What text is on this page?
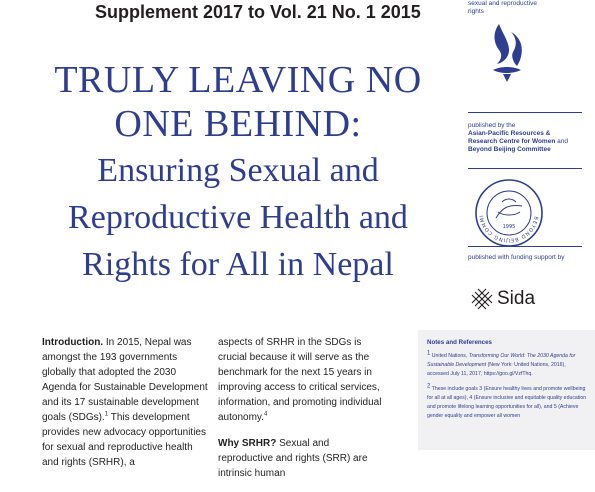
Supplement 2017 to Vol. 21 No. 1 2015
TRULY LEAVING NO
ONE BEHIND:
Ensuring Sexual and
Reproductive Health and
Rights for All in Nepal

Introduction. In 2015, Nepal was amongst the 193 governments globally that adopted the 2030 Agenda for Sustainable Development and its 17 sustainable development goals (SDGs).$^1$ This development provides new advocacy opportunities for sexual and reproductive health and rights (SRHR), a

aspects of SRHR in the SDGs is crucial because it will serve as the benchmark for the next 15 years in improving access to critical services, information, and promoting individual autonomy.$^4$

Why SRHR? Sexual and reproductive and rights (SRR) are intrinsic human

sexual and reproductive
rights
published by the
Asian-Pacific Resources & Research Centre for Women and Beyond Beijing Committee
BEYOND BEIJING COMMI
1995
published with funding support by
Sida
Notes and References

1 United Nations, Transforming Our World: The 2030 Agenda for Sustainable Development (New York: United Nations, 2016), accessed July 11, 2017, https://goo.gl/VzfThq.

2 These include goals 3 (Ensure healthy lives and promote wellbeing for all at all ages), 4 (Ensure inclusive and equitable quality education and promote lifelong learning opportunities for all), and 5 (Achieve gender equality and empower all women
